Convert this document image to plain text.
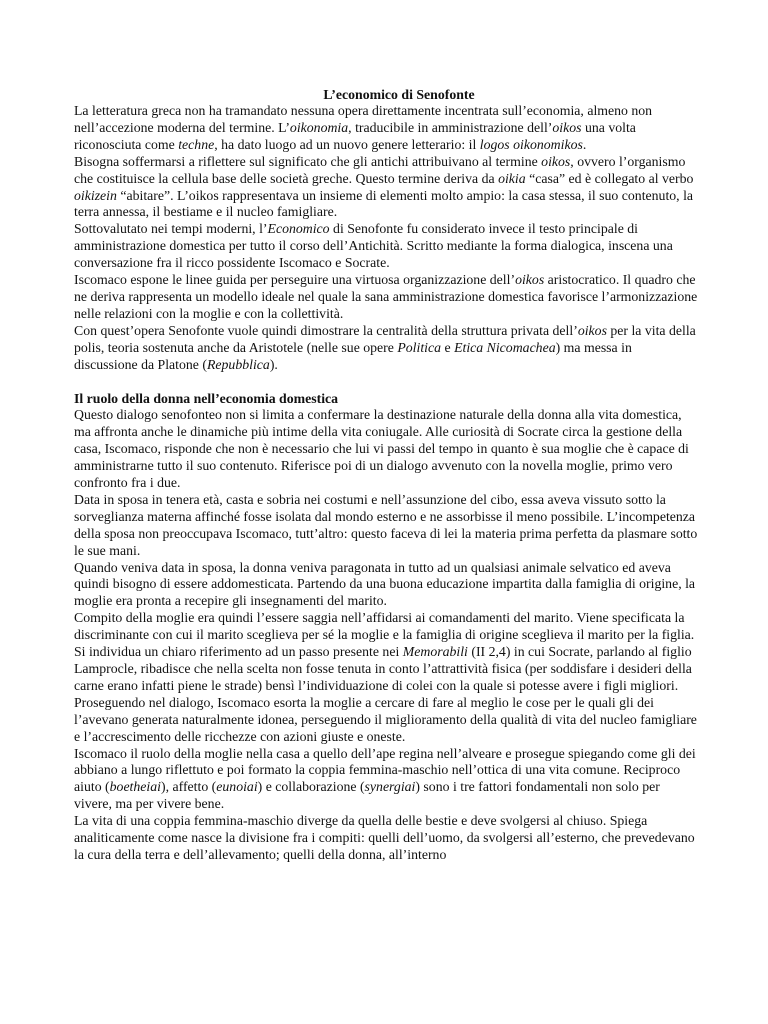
L’economico di Senofonte

La letteratura greca non ha tramandato nessuna opera direttamente incentrata sull’economia, almeno non nell’accezione moderna del termine. L’oikonomia, traducibile in amministrazione dell’oikos una volta riconosciuta come techne, ha dato luogo ad un nuovo genere letterario: il logos oikonomikos.

Bisogna soffermarsi a riflettere sul significato che gli antichi attribuivano al termine oikos, ovvero l’organismo che costituisce la cellula base delle società greche. Questo termine deriva da oikia “casa” ed è collegato al verbo oikizein “abitare”. L’oikos rappresentava un insieme di elementi molto ampio: la casa stessa, il suo contenuto, la terra annessa, il bestiame e il nucleo famigliare.

Sottovalutato nei tempi moderni, l’Economico di Senofonte fu considerato invece il testo principale di amministrazione domestica per tutto il corso dell’Antichità. Scritto mediante la forma dialogica, inscena una conversazione fra il ricco possidente Iscomaco e Socrate.

Iscomaco espone le linee guida per perseguire una virtuosa organizzazione dell’oikos aristocratico. Il quadro che ne deriva rappresenta un modello ideale nel quale la sana amministrazione domestica favorisce l’armonizzazione nelle relazioni con la moglie e con la collettività.

Con quest’opera Senofonte vuole quindi dimostrare la centralità della struttura privata dell’oikos per la vita della polis, teoria sostenuta anche da Aristotele (nelle sue opere Politica e Etica Nicomachea) ma messa in discussione da Platone (Repubblica).

Il ruolo della donna nell’economia domestica

Questo dialogo senofonteo non si limita a confermare la destinazione naturale della donna alla vita domestica, ma affronta anche le dinamiche più intime della vita coniugale. Alle curiosità di Socrate circa la gestione della casa, Iscomaco, risponde che non è necessario che lui vi passi del tempo in quanto è sua moglie che è capace di amministrarne tutto il suo contenuto. Riferisce poi di un dialogo avvenuto con la novella moglie, primo vero confronto fra i due.

Data in sposa in tenera età, casta e sobria nei costumi e nell’assunzione del cibo, essa aveva vissuto sotto la sorveglianza materna affinché fosse isolata dal mondo esterno e ne assorbisse il meno possibile. L’incompetenza della sposa non preoccupava Iscomaco, tutt’altro: questo faceva di lei la materia prima perfetta da plasmare sotto le sue mani.

Quando veniva data in sposa, la donna veniva paragonata in tutto ad un qualsiasi animale selvatico ed aveva quindi bisogno di essere addomesticata. Partendo da una buona educazione impartita dalla famiglia di origine, la moglie era pronta a recepire gli insegnamenti del marito.

Compito della moglie era quindi l’essere saggia nell’affidarsi ai comandamenti del marito. Viene specificata la discriminante con cui il marito sceglieva per sé la moglie e la famiglia di origine sceglieva il marito per la figlia. Si individua un chiaro riferimento ad un passo presente nei Memorabili (II 2,4) in cui Socrate, parlando al figlio Lamprocle, ribadisce che nella scelta non fosse tenuta in conto l’attrattività fisica (per soddisfare i desideri della carne erano infatti piene le strade) bensì l’individuazione di colei con la quale si potesse avere i figli migliori.

Proseguendo nel dialogo, Iscomaco esorta la moglie a cercare di fare al meglio le cose per le quali gli dei l’avevano generata naturalmente idonea, perseguendo il miglioramento della qualità di vita del nucleo famigliare e l’accrescimento delle ricchezze con azioni giuste e oneste.

Iscomaco il ruolo della moglie nella casa a quello dell’ape regina nell’alveare e prosegue spiegando come gli dei abbiano a lungo riflettuto e poi formato la coppia femmina-maschio nell’ottica di una vita comune. Reciproco aiuto (boetheiai), affetto (eunoiai) e collaborazione (synergiai) sono i tre fattori fondamentali non solo per vivere, ma per vivere bene.

La vita di una coppia femmina-maschio diverge da quella delle bestie e deve svolgersi al chiuso. Spiega analiticamente come nasce la divisione fra i compiti: quelli dell’uomo, da svolgersi all’esterno, che prevedevano la cura della terra e dell’allevamento; quelli della donna, all’interno
